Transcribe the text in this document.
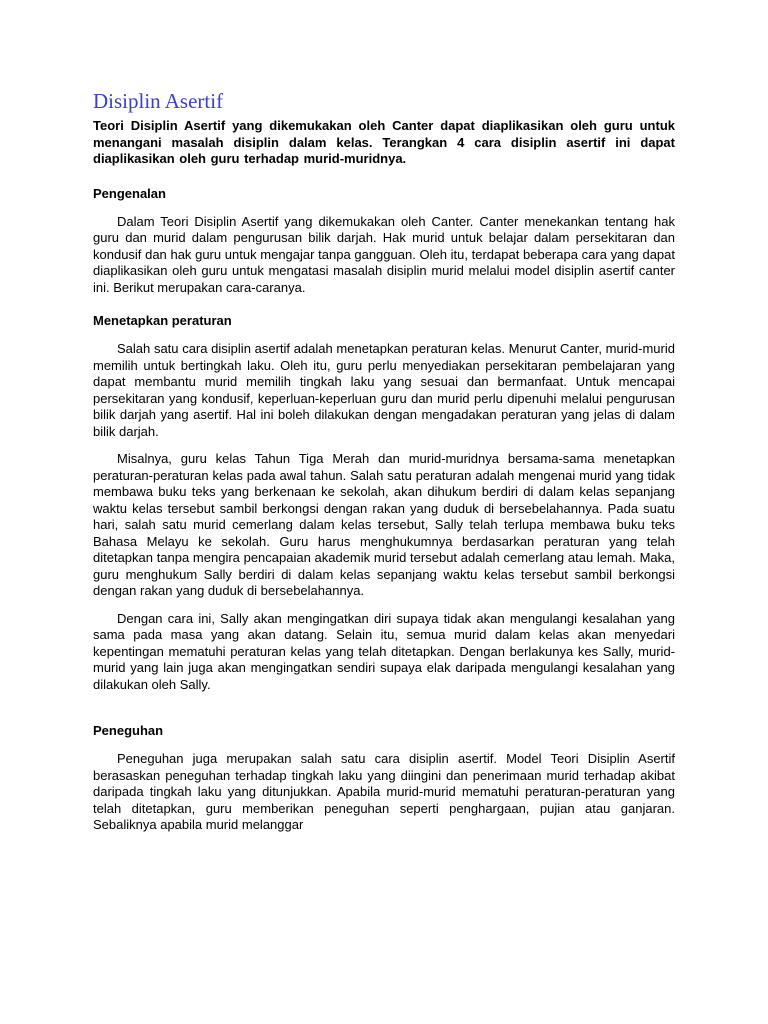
Disiplin Asertif

Teori Disiplin Asertif yang dikemukakan oleh Canter dapat diaplikasikan oleh guru untuk menangani masalah disiplin dalam kelas. Terangkan 4 cara disiplin asertif ini dapat diaplikasikan oleh guru terhadap murid-muridnya.

Pengenalan

Dalam Teori Disiplin Asertif yang dikemukakan oleh Canter. Canter menekankan tentang hak guru dan murid dalam pengurusan bilik darjah. Hak murid untuk belajar dalam persekitaran dan kondusif dan hak guru untuk mengajar tanpa gangguan. Oleh itu, terdapat beberapa cara yang dapat diaplikasikan oleh guru untuk mengatasi masalah disiplin murid melalui model disiplin asertif canter ini. Berikut merupakan cara-caranya.

Menetapkan peraturan

Salah satu cara disiplin asertif adalah menetapkan peraturan kelas. Menurut Canter, murid-murid memilih untuk bertingkah laku. Oleh itu, guru perlu menyediakan persekitaran pembelajaran yang dapat membantu murid memilih tingkah laku yang sesuai dan bermanfaat. Untuk mencapai persekitaran yang kondusif, keperluan-keperluan guru dan murid perlu dipenuhi melalui pengurusan bilik darjah yang asertif. Hal ini boleh dilakukan dengan mengadakan peraturan yang jelas di dalam bilik darjah.

Misalnya, guru kelas Tahun Tiga Merah dan murid-muridnya bersama-sama menetapkan peraturan-peraturan kelas pada awal tahun. Salah satu peraturan adalah mengenai murid yang tidak membawa buku teks yang berkenaan ke sekolah, akan dihukum berdiri di dalam kelas sepanjang waktu kelas tersebut sambil berkongsi dengan rakan yang duduk di bersebelahannya. Pada suatu hari, salah satu murid cemerlang dalam kelas tersebut, Sally telah terlupa membawa buku teks Bahasa Melayu ke sekolah. Guru harus menghukumnya berdasarkan peraturan yang telah ditetapkan tanpa mengira pencapaian akademik murid tersebut adalah cemerlang atau lemah. Maka, guru menghukum Sally berdiri di dalam kelas sepanjang waktu kelas tersebut sambil berkongsi dengan rakan yang duduk di bersebelahannya.

Dengan cara ini, Sally akan mengingatkan diri supaya tidak akan mengulangi kesalahan yang sama pada masa yang akan datang. Selain itu, semua murid dalam kelas akan menyedari kepentingan mematuhi peraturan kelas yang telah ditetapkan. Dengan berlakunya kes Sally, murid-murid yang lain juga akan mengingatkan sendiri supaya elak daripada mengulangi kesalahan yang dilakukan oleh Sally.

Peneguhan

Peneguhan juga merupakan salah satu cara disiplin asertif. Model Teori Disiplin Asertif berasaskan peneguhan terhadap tingkah laku yang diingini dan penerimaan murid terhadap akibat daripada tingkah laku yang ditunjukkan. Apabila murid-murid mematuhi peraturan-peraturan yang telah ditetapkan, guru memberikan peneguhan seperti penghargaan, pujian atau ganjaran. Sebaliknya apabila murid melanggar
